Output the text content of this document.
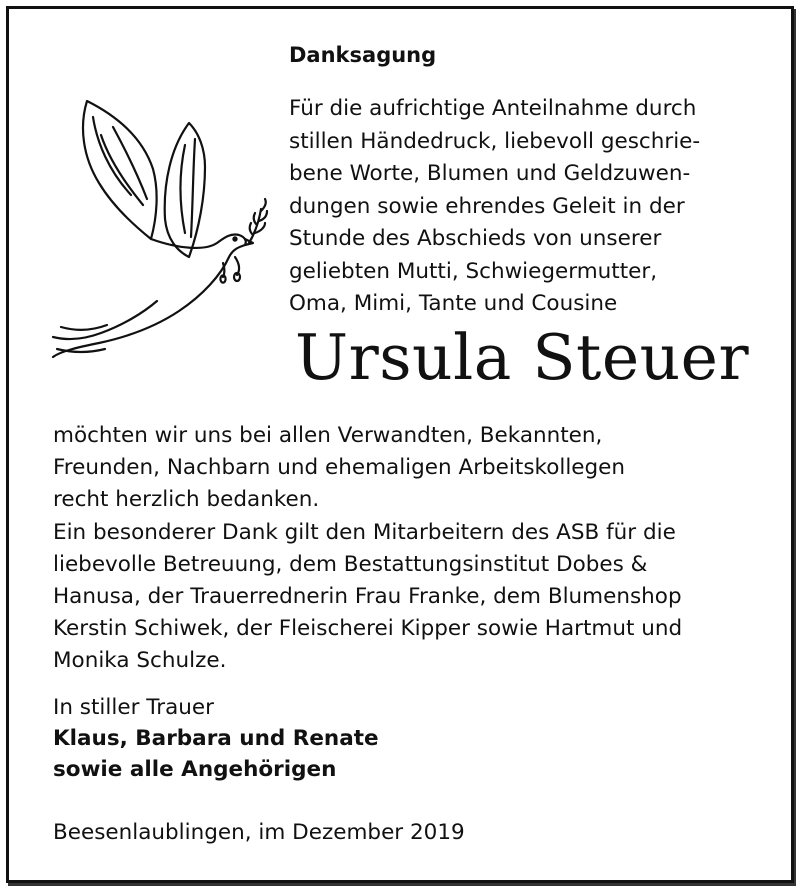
Danksagung
Für die aufrichtige Anteilnahme durch
stillen Händedruck, liebevoll geschrie-
bene Worte, Blumen und Geldzuwen-
dungen sowie ehrendes Geleit in der
Stunde des Abschieds von unserer
geliebten Mutti, Schwiegermutter,
Oma, Mimi, Tante und Cousine
Ursula Steuer
möchten wir uns bei allen Verwandten, Bekannten,
Freunden, Nachbarn und ehemaligen Arbeitskollegen
recht herzlich bedanken.
Ein besonderer Dank gilt den Mitarbeitern des ASB für die
liebevolle Betreuung, dem Bestattungsinstitut Dobes &
Hanusa, der Trauerrednerin Frau Franke, dem Blumenshop
Kerstin Schiwek, der Fleischerei Kipper sowie Hartmut und
Monika Schulze.
In stiller Trauer
Klaus, Barbara und Renate
sowie alle Angehörigen
Beesenlaublingen, im Dezember 2019
